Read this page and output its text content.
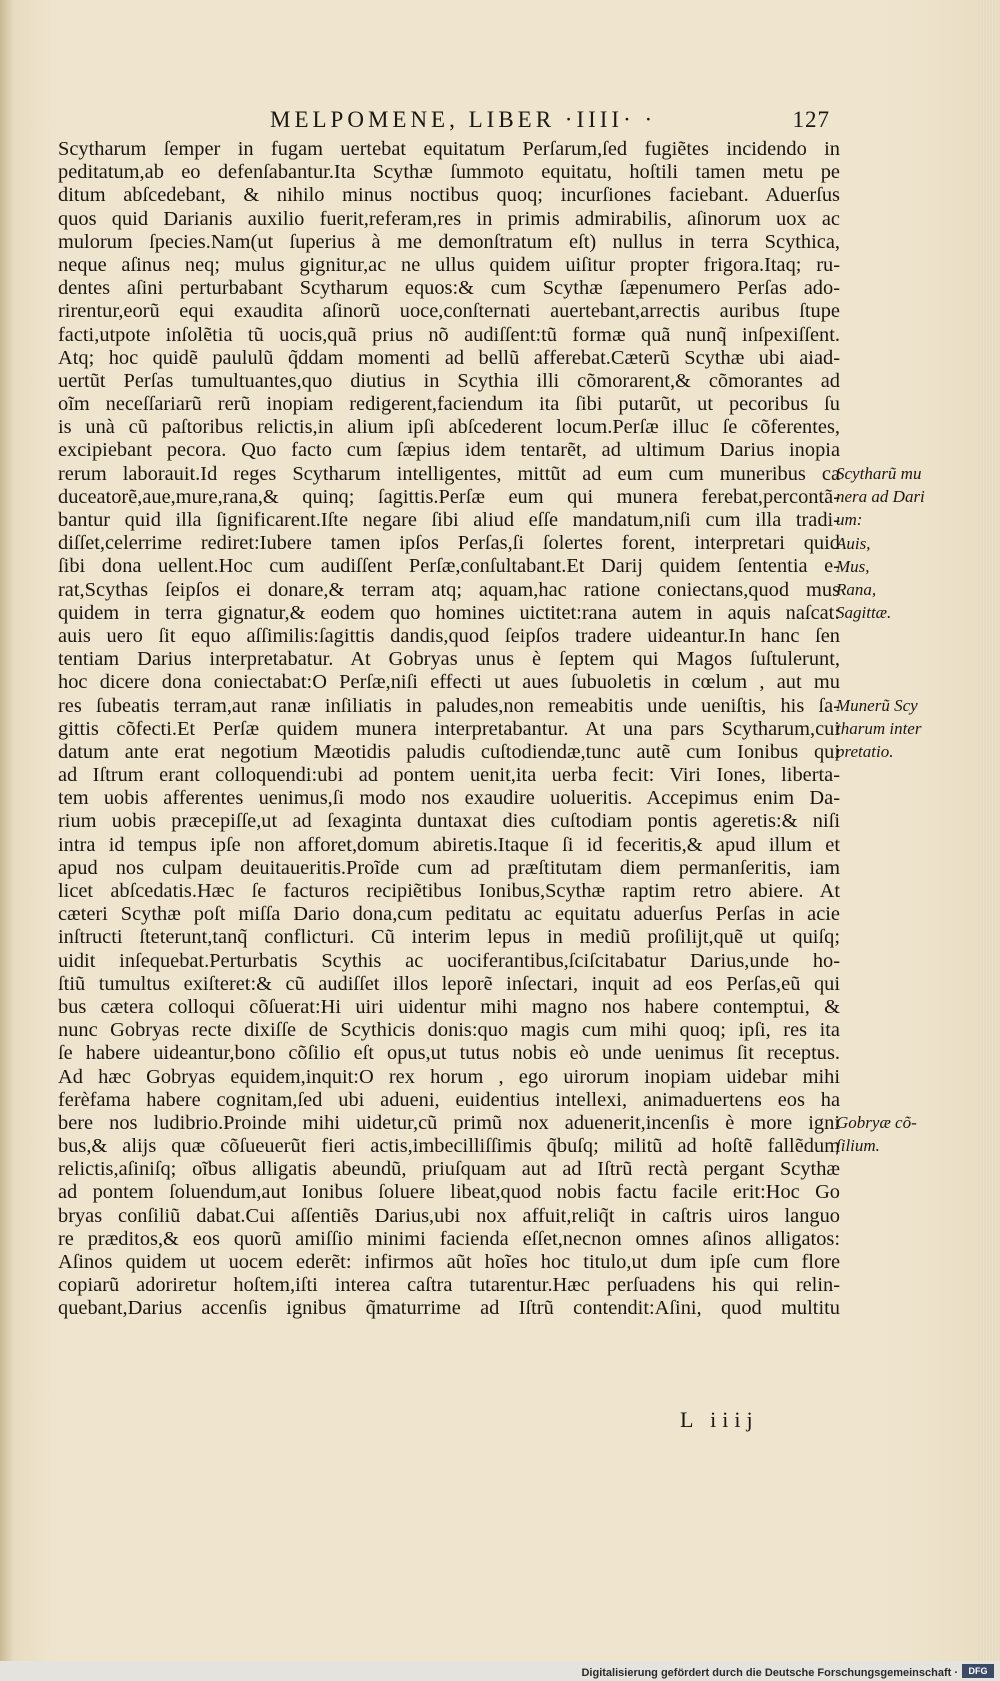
MELPOMENE, LIBER ·IIII· ·	127
Scytharum ſemper in fugam uertebat equitatum Perſarum,ſed fugiẽtes incidendo in
peditatum,ab eo defenſabantur.Ita Scythæ ſummoto equitatu, hoſtili tamen metu pe
ditum abſcedebant, & nihilo minus noctibus quoq; incurſiones faciebant. Aduerſus
quos quid Darianis auxilio fuerit,referam,res in primis admirabilis, aſinorum uox ac
mulorum ſpecies.Nam(ut ſuperius à me demonſtratum eſt) nullus in terra Scythica,
neque aſinus neq; mulus gignitur,ac ne ullus quidem uiſitur propter frigora.Itaq; ru-
dentes aſini perturbabant Scytharum equos:& cum Scythæ ſæpenumero Perſas ado-
rirentur,eorũ equi exaudita aſinorũ uoce,conſternati auertebant,arrectis auribus ſtupe
facti,utpote inſolẽtia tũ uocis,quã prius nõ audiſſent:tũ formæ quã nunq̃ inſpexiſſent.
Atq; hoc quidẽ paululũ q̃ddam momenti ad bellũ afferebat.Cæterũ Scythæ ubi aiad-
uertũt Perſas tumultuantes,quo diutius in Scythia illi cõmorarent,& cõmorantes ad
oĩm neceſſariarũ rerũ inopiam redigerent,faciendum ita ſibi putarũt, ut pecoribus ſu
is unà cũ paſtoribus relictis,in alium ipſi abſcederent locum.Perſæ illuc ſe cõferentes,
excipiebant pecora. Quo facto cum ſæpius idem tentarẽt, ad ultimum Darius inopia
rerum laborauit.Id reges Scytharum intelligentes, mittũt ad eum cum muneribus ca
duceatorẽ,aue,mure,rana,& quinq; ſagittis.Perſæ eum qui munera ferebat,percontã-
bantur quid illa ſignificarent.Iſte negare ſibi aliud eſſe mandatum,niſi cum illa tradi-
diſſet,celerrime rediret:Iubere tamen ipſos Perſas,ſi ſolertes forent, interpretari quid
ſibi dona uellent.Hoc cum audiſſent Perſæ,conſultabant.Et Darij quidem ſententia e-
rat,Scythas ſeipſos ei donare,& terram atq; aquam,hac ratione coniectans,quod mus
quidem in terra gignatur,& eodem quo homines uictitet:rana autem in aquis naſcat:
auis uero ſit equo aſſimilis:ſagittis dandis,quod ſeipſos tradere uideantur.In hanc ſen
tentiam Darius interpretabatur. At Gobryas unus è ſeptem qui Magos ſuſtulerunt,
hoc dicere dona coniectabat:O Perſæ,niſi effecti ut aues ſubuoletis in cœlum , aut mu
res ſubeatis terram,aut ranæ inſiliatis in paludes,non remeabitis unde ueniſtis, his ſa-
gittis cõfecti.Et Perſæ quidem munera interpretabantur. At una pars Scytharum,cui
datum ante erat negotium Mæotidis paludis cuſtodiendæ,tunc autẽ cum Ionibus qui
ad Iſtrum erant colloquendi:ubi ad pontem uenit,ita uerba fecit: Viri Iones, liberta-
tem uobis afferentes uenimus,ſi modo nos exaudire uolueritis. Accepimus enim Da-
rium uobis præcepiſſe,ut ad ſexaginta duntaxat dies cuſtodiam pontis ageretis:& niſi
intra id tempus ipſe non afforet,domum abiretis.Itaque ſi id feceritis,& apud illum et
apud nos culpam deuitaueritis.Proĩde cum ad præſtitutam diem permanſeritis, iam
licet abſcedatis.Hæc ſe facturos recipiẽtibus Ionibus,Scythæ raptim retro abiere. At
cæteri Scythæ poſt miſſa Dario dona,cum peditatu ac equitatu aduerſus Perſas in acie
inſtructi ſteterunt,tanq̃ conflicturi. Cũ interim lepus in mediũ proſilijt,quẽ ut quiſq;
uidit inſequebat.Perturbatis Scythis ac uociferantibus,ſciſcitabatur Darius,unde ho-
ſtiũ tumultus exiſteret:& cũ audiſſet illos leporẽ inſectari, inquit ad eos Perſas,eũ qui
bus cætera colloqui cõſuerat:Hi uiri uidentur mihi magno nos habere contemptui, &
nunc Gobryas recte dixiſſe de Scythicis donis:quo magis cum mihi quoq; ipſi, res ita
ſe habere uideantur,bono cõſilio eſt opus,ut tutus nobis eò unde uenimus ſit receptus.
Ad hæc Gobryas equidem,inquit:O rex horum , ego uirorum inopiam uidebar mihi
ferèfama habere cognitam,ſed ubi adueni, euidentius intellexi, animaduertens eos ha
bere nos ludibrio.Proinde mihi uidetur,cũ primũ nox aduenerit,incenſis è more igni
bus,& alijs quæ cõſueuerũt fieri actis,imbecilliſſimis q̃buſq; militũ ad hoſtẽ fallẽdum
relictis,aſiniſq; oĩbus alligatis abeundũ, priuſquam aut ad Iſtrũ rectà pergant Scythæ
ad pontem ſoluendum,aut Ionibus ſoluere libeat,quod nobis factu facile erit:Hoc Go
bryas conſiliũ dabat.Cui aſſentiẽs Darius,ubi nox affuit,reliq̃t in caſtris uiros languo
re præditos,& eos quorũ amiſſio minimi facienda eſſet,necnon omnes aſinos alligatos:
Aſinos quidem ut uocem ederẽt: infirmos aũt hoĩes hoc titulo,ut dum ipſe cum flore
copiarũ adoriretur hoſtem,iſti interea caſtra tutarentur.Hæc perſuadens his qui relin-
quebant,Darius accenſis ignibus q̃maturrime ad Iſtrũ contendit:Aſini, quod multitu
Scytharũ mu
nera ad Dari
um:
Auis,
Mus,
Rana,
Sagittæ.
Munerũ Scy
tharum inter
pretatio.
Gobryæ cõ-
ſilium.
L iiij
Digitalisierung gefördert durch die Deutsche Forschungsgemeinschaft ·	DFG
